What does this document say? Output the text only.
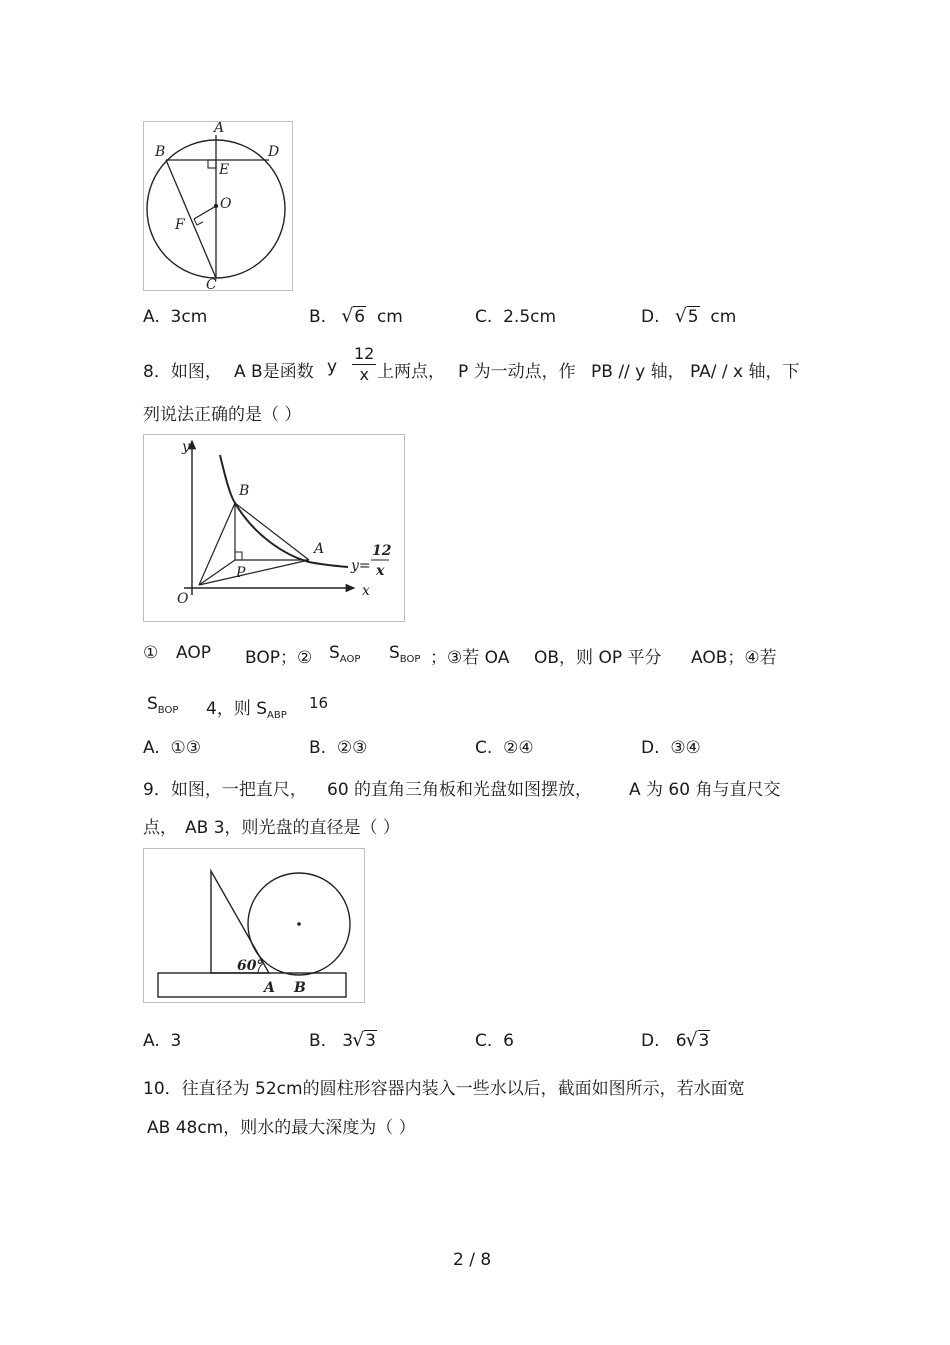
A
B	D
E
O
F
C
A. 3cm	B. √ 6 cm	C. 2.5cm	D. √ 5 cm
8．如图， A B是函数 y $\frac{12}{x}$ 上两点， P 为一动点，作 PB // y 轴， PA/ / x 轴，下
列说法正确的是（ ）
y
B
A
P
O	x
y=
12
x
① AOP BOP；② $S_{AOP}$ $S_{BOP}$ ；③若 OA OB，则 OP 平分 AOB；④若
$S_{BOP}$ 4，则 $S_{ABP}$
16
A. ①③	B. ②③	C. ②④	D. ③④
9．如图，一把直尺， 60 的直角三角板和光盘如图摆放， A 为 60 角与直尺交
点， AB 3，则光盘的直径是（ ）
60°
A B
A. 3	B. 3 √ 3	C. 6	D. 6 √ 3
10．往直径为 52cm的圆柱形容器内装入一些水以后，截面如图所示，若水面宽
AB 48cm，则水的最大深度为（ ）
2 / 8
